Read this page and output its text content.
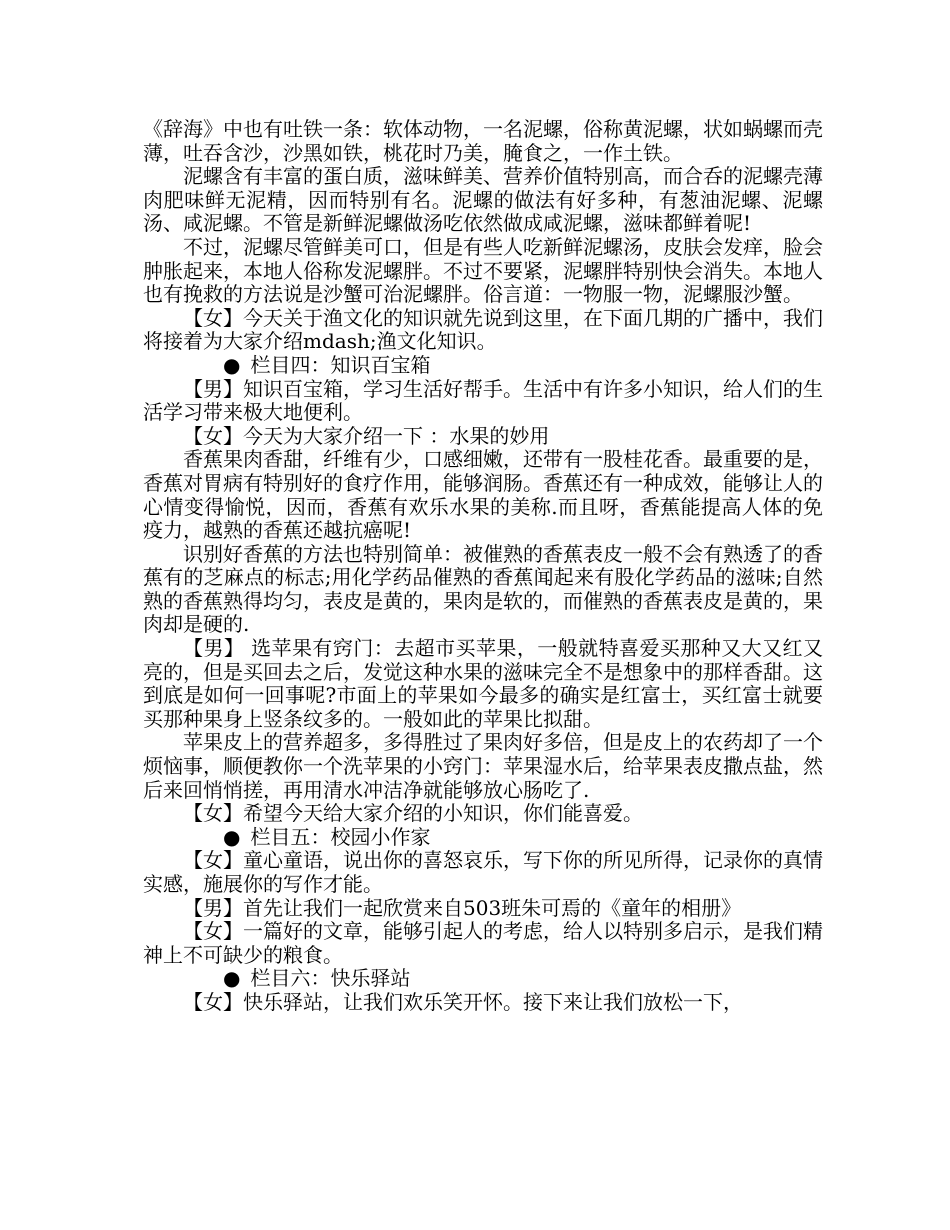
《辞海》中也有吐铁一条：软体动物，一名泥螺，俗称黄泥螺，状如蜗螺而壳薄，吐吞含沙，沙黑如铁，桃花时乃美，腌食之，一作土铁。

泥螺含有丰富的蛋白质，滋味鲜美、营养价值特别高，而合呑的泥螺壳薄肉肥味鲜无泥精，因而特别有名。泥螺的做法有好多种，有葱油泥螺、泥螺汤、咸泥螺。不管是新鲜泥螺做汤吃依然做成咸泥螺，滋味都鲜着呢!

不过，泥螺尽管鲜美可口，但是有些人吃新鲜泥螺汤，皮肤会发痒，脸会肿胀起来，本地人俗称发泥螺胖。不过不要紧，泥螺胖特别快会消失。本地人也有挽救的方法说是沙蟹可治泥螺胖。俗言道：一物服一物，泥螺服沙蟹。

【女】今天关于渔文化的知识就先说到这里，在下面几期的广播中，我们将接着为大家介绍mdash;渔文化知识。

● 栏目四：知识百宝箱

【男】知识百宝箱，学习生活好帮手。生活中有许多小知识，给人们的生活学习带来极大地便利。

【女】今天为大家介绍一下 ：水果的妙用

香蕉果肉香甜，纤维有少，口感细嫩，还带有一股桂花香。最重要的是，香蕉对胃病有特别好的食疗作用，能够润肠。香蕉还有一种成效，能够让人的心情变得愉悦，因而，香蕉有欢乐水果的美称.而且呀，香蕉能提高人体的免疫力，越熟的香蕉还越抗癌呢!

识别好香蕉的方法也特别简单：被催熟的香蕉表皮一般不会有熟透了的香蕉有的芝麻点的标志;用化学药品催熟的香蕉闻起来有股化学药品的滋味;自然熟的香蕉熟得均匀，表皮是黄的，果肉是软的，而催熟的香蕉表皮是黄的，果肉却是硬的.

【男】 选苹果有窍门：去超市买苹果，一般就特喜爱买那种又大又红又亮的，但是买回去之后，发觉这种水果的滋味完全不是想象中的那样香甜。这到底是如何一回事呢?市面上的苹果如今最多的确实是红富士，买红富士就要买那种果身上竖条纹多的。一般如此的苹果比拟甜。

苹果皮上的营养超多，多得胜过了果肉好多倍，但是皮上的农药却了一个烦恼事，顺便教你一个洗苹果的小窍门：苹果湿水后，给苹果表皮撒点盐，然后来回悄悄搓，再用清水冲洁净就能够放心肠吃了.

【女】希望今天给大家介绍的小知识，你们能喜爱。

● 栏目五：校园小作家

【女】童心童语，说出你的喜怒哀乐，写下你的所见所得，记录你的真情实感，施展你的写作才能。

【男】首先让我们一起欣赏来自503班朱可焉的《童年的相册》

【女】一篇好的文章，能够引起人的考虑，给人以特别多启示，是我们精神上不可缺少的粮食。

● 栏目六：快乐驿站

【女】快乐驿站，让我们欢乐笑开怀。接下来让我们放松一下，
